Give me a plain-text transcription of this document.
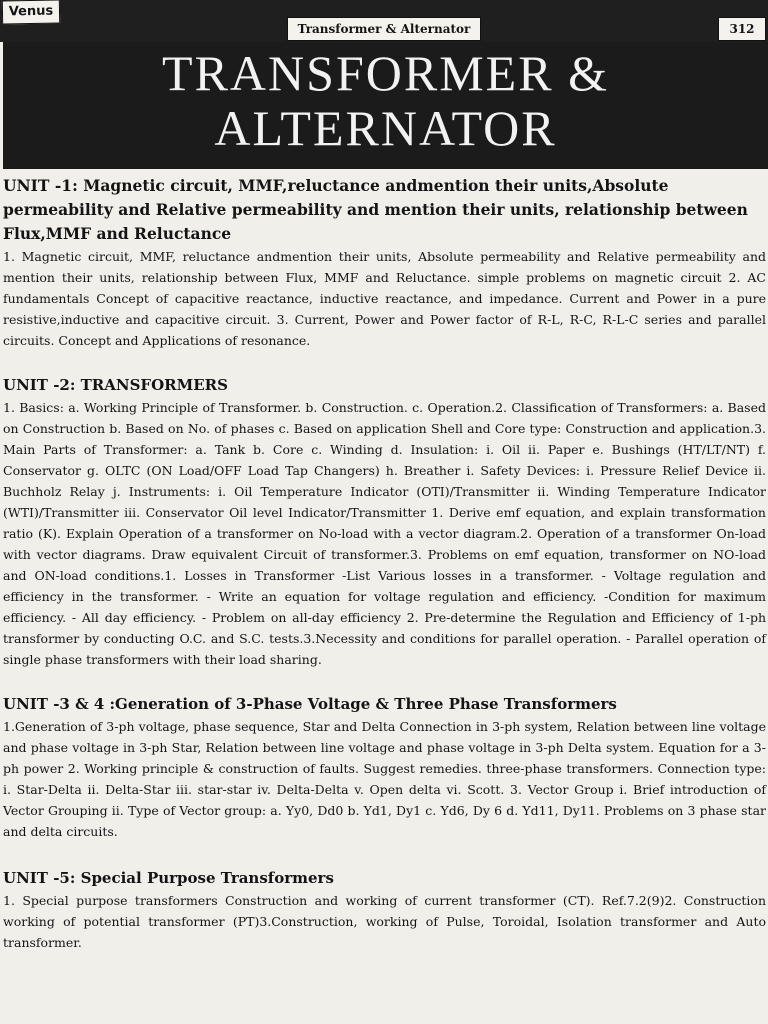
Venus
Transformer & Alternator	312
TRANSFORMER &
ALTERNATOR

UNIT -1: Magnetic circuit, MMF,reluctance andmention their units,Absolute permeability and Relative permeability and mention their units, relationship between Flux,MMF and Reluctance

1. Magnetic circuit, MMF, reluctance andmention their units, Absolute permeability and Relative permeability and mention their units, relationship between Flux, MMF and Reluctance. simple problems on magnetic circuit 2. AC fundamentals Concept of capacitive reactance, inductive reactance, and impedance. Current and Power in a pure resistive,inductive and capacitive circuit. 3. Current, Power and Power factor of R-L, R-C, R-L-C series and parallel circuits. Concept and Applications of resonance.

UNIT -2: TRANSFORMERS

1. Basics: a. Working Principle of Transformer. b. Construction. c. Operation.2. Classification of Transformers: a. Based on Construction b. Based on No. of phases c. Based on application Shell and Core type: Construction and application.3. Main Parts of Transformer: a. Tank b. Core c. Winding d. Insulation: i. Oil ii. Paper e. Bushings (HT/LT/NT) f. Conservator g. OLTC (ON Load/OFF Load Tap Changers) h. Breather i. Safety Devices: i. Pressure Relief Device ii. Buchholz Relay j. Instruments: i. Oil Temperature Indicator (OTI)/Transmitter ii. Winding Temperature Indicator (WTI)/Transmitter iii. Conservator Oil level Indicator/Transmitter 1. Derive emf equation, and explain transformation ratio (K). Explain Operation of a transformer on No-load with a vector diagram.2. Operation of a transformer On-load with vector diagrams. Draw equivalent Circuit of transformer.3. Problems on emf equation, transformer on NO-load and ON-load conditions.1. Losses in Transformer -List Various losses in a transformer. - Voltage regulation and efficiency in the transformer. - Write an equation for voltage regulation and efficiency. -Condition for maximum efficiency. - All day efficiency. - Problem on all-day efficiency 2. Pre-determine the Regulation and Efficiency of 1-ph transformer by conducting O.C. and S.C. tests.3.Necessity and conditions for parallel operation. - Parallel operation of single phase transformers with their load sharing.

UNIT -3 & 4 :Generation of 3-Phase Voltage & Three Phase Transformers

1.Generation of 3-ph voltage, phase sequence, Star and Delta Connection in 3-ph system, Relation between line voltage and phase voltage in 3-ph Star, Relation between line voltage and phase voltage in 3-ph Delta system. Equation for a 3-ph power 2. Working principle & construction of faults. Suggest remedies. three-phase transformers. Connection type: i. Star-Delta ii. Delta-Star iii. star-star iv. Delta-Delta v. Open delta vi. Scott. 3. Vector Group i. Brief introduction of Vector Grouping ii. Type of Vector group: a. Yy0, Dd0 b. Yd1, Dy1 c. Yd6, Dy 6 d. Yd11, Dy11. Problems on 3 phase star and delta circuits.

UNIT -5: Special Purpose Transformers

1. Special purpose transformers Construction and working of current transformer (CT). Ref.7.2(9)2. Construction working of potential transformer (PT)3.Construction, working of Pulse, Toroidal, Isolation transformer and Auto transformer.
